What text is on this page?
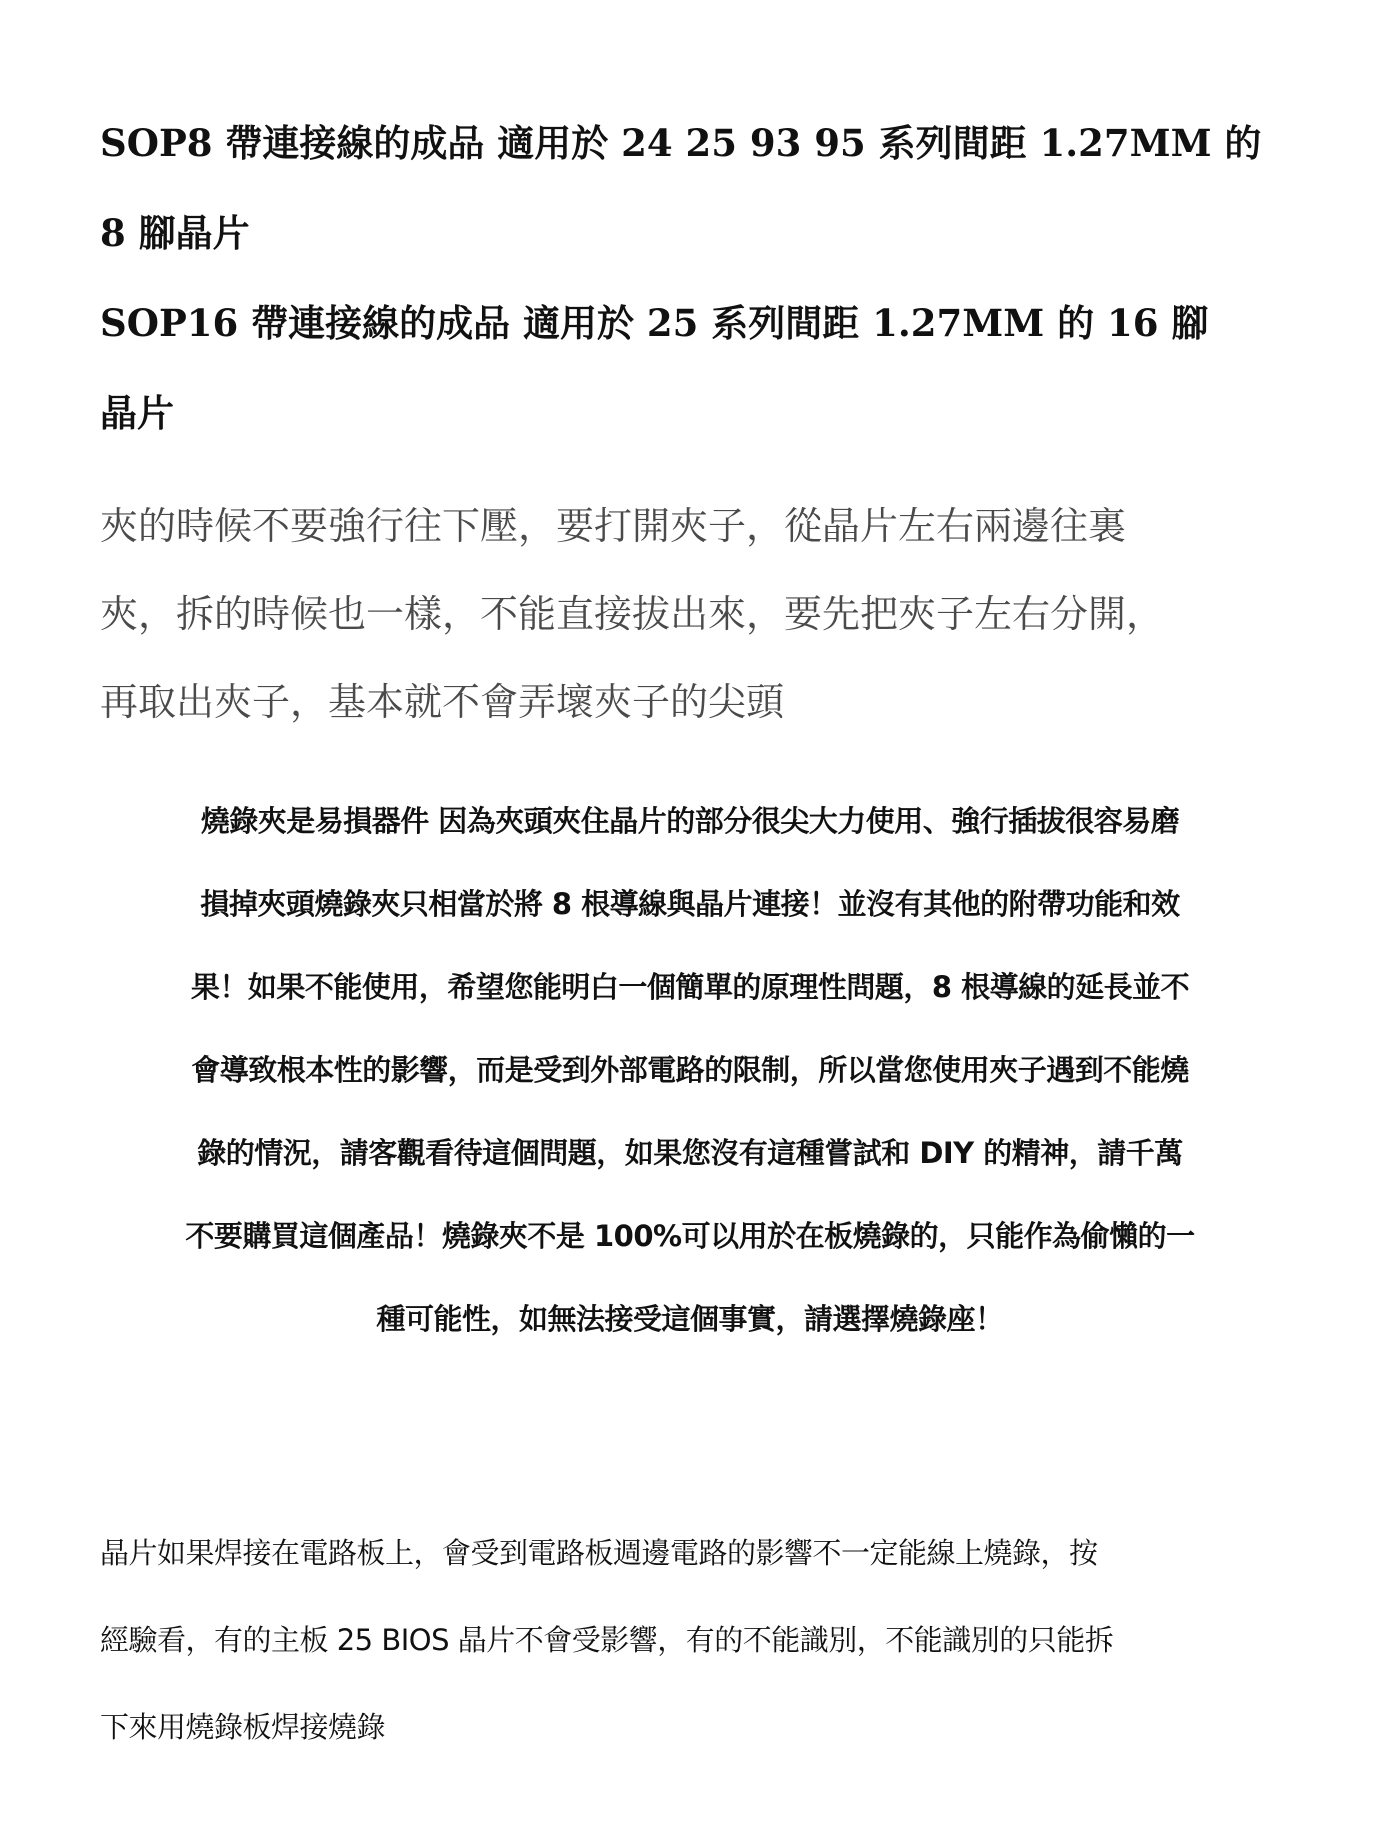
SOP8 帶連接線的成品 適用於 24 25 93 95 系列間距 1.27MM 的
8 腳晶片
SOP16 帶連接線的成品 適用於 25 系列間距 1.27MM 的 16 腳
晶片
夾的時候不要強行往下壓，要打開夾子，從晶片左右兩邊往裏
夾，拆的時候也一樣，不能直接拔出來，要先把夾子左右分開，
再取出夾子，基本就不會弄壞夾子的尖頭
燒錄夾是易損器件 因為夾頭夾住晶片的部分很尖大力使用、強行插拔很容易磨
損掉夾頭燒錄夾只相當於將 8 根導線與晶片連接！並沒有其他的附帶功能和效
果！如果不能使用，希望您能明白一個簡單的原理性問題，8 根導線的延長並不
會導致根本性的影響，而是受到外部電路的限制，所以當您使用夾子遇到不能燒
錄的情況，請客觀看待這個問題，如果您沒有這種嘗試和 DIY 的精神，請千萬
不要購買這個產品！燒錄夾不是 100%可以用於在板燒錄的，只能作為偷懶的一
種可能性，如無法接受這個事實，請選擇燒錄座！
晶片如果焊接在電路板上，會受到電路板週邊電路的影響不一定能線上燒錄，按
經驗看，有的主板 25 BIOS 晶片不會受影響，有的不能識別，不能識別的只能拆
下來用燒錄板焊接燒錄
